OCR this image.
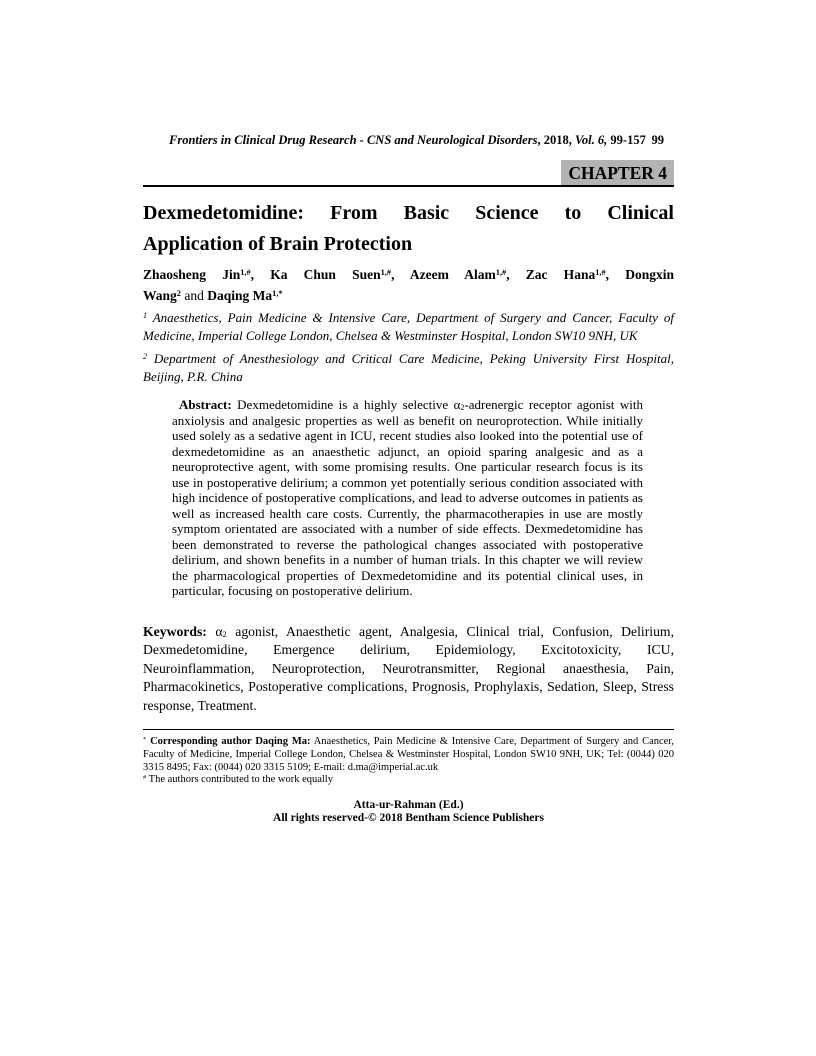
Frontiers in Clinical Drug Research - CNS and Neurological Disorders, 2018, Vol. 6, 99-157 99
CHAPTER 4
Dexmedetomidine: From Basic Science to Clinical
Application of Brain Protection
Zhaosheng Jin$^{1,\#}$, Ka Chun Suen$^{1,\#}$, Azeem Alam$^{1,\#}$, Zac Hana$^{1,\#}$, Dongxin
Wang$^2$ and Daqing $Ma^{1,*}$

$^1$ Anaesthetics, Pain Medicine & Intensive Care, Department of Surgery and Cancer, Faculty of Medicine, Imperial College London, Chelsea & Westminster Hospital, London SW10 9NH, UK

$^2$ Department of Anesthesiology and Critical Care Medicine, Peking University First Hospital, Beijing, P.R. China

Abstract: Dexmedetomidine is a highly selective $\alpha_2$-adrenergic receptor agonist with anxiolysis and analgesic properties as well as benefit on neuroprotection. While initially used solely as a sedative agent in ICU, recent studies also looked into the potential use of dexmedetomidine as an anaesthetic adjunct, an opioid sparing analgesic and as a neuroprotective agent, with some promising results. One particular research focus is its use in postoperative delirium; a common yet potentially serious condition associated with high incidence of postoperative complications, and lead to adverse outcomes in patients as well as increased health care costs. Currently, the pharmacotherapies in use are mostly symptom orientated are associated with a number of side effects. Dexmedetomidine has been demonstrated to reverse the pathological changes associated with postoperative delirium, and shown benefits in a number of human trials. In this chapter we will review the pharmacological properties of Dexmedetomidine and its potential clinical uses, in particular, focusing on postoperative delirium.

Keywords: $\alpha_2$ agonist, Anaesthetic agent, Analgesia, Clinical trial, Confusion, Delirium, Dexmedetomidine, Emergence delirium, Epidemiology, Excitotoxicity, ICU, Neuroinflammation, Neuroprotection, Neurotransmitter, Regional anaesthesia, Pain, Pharmacokinetics, Postoperative complications, Prognosis, Prophylaxis, Sedation, Sleep, Stress response, Treatment.

* Corresponding author Daqing Ma: Anaesthetics, Pain Medicine & Intensive Care, Department of Surgery and Cancer, Faculty of Medicine, Imperial College London, Chelsea & Westminster Hospital, London SW10 9NH, UK; Tel: (0044) 020 3315 8495; Fax: (0044) 020 3315 5109; E-mail: d.ma@imperial.ac.uk

# The authors contributed to the work equally

Atta-ur-Rahman (Ed.)
All rights reserved-© 2018 Bentham Science Publishers
